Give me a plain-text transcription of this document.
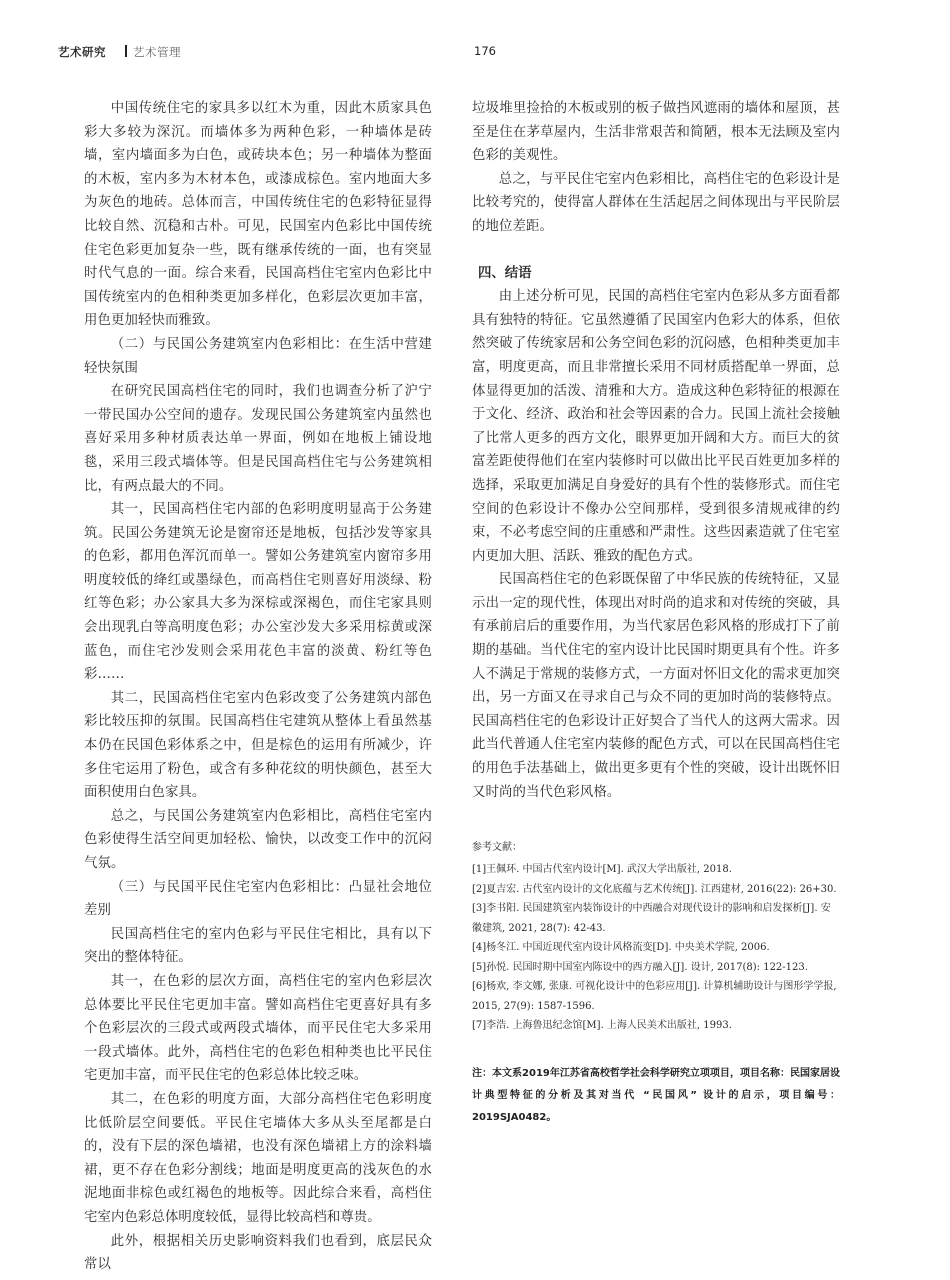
艺术研究 艺术管理	176

中国传统住宅的家具多以红木为重，因此木质家具色彩大多较为深沉。而墙体多为两种色彩，一种墙体是砖墙，室内墙面多为白色，或砖块本色；另一种墙体为整面的木板，室内多为木材本色，或漆成棕色。室内地面大多为灰色的地砖。总体而言，中国传统住宅的色彩特征显得比较自然、沉稳和古朴。可见，民国室内色彩比中国传统住宅色彩更加复杂一些，既有继承传统的一面，也有突显时代气息的一面。综合来看，民国高档住宅室内色彩比中国传统室内的色相种类更加多样化，色彩层次更加丰富，用色更加轻快而雅致。

（二）与民国公务建筑室内色彩相比：在生活中营建轻快氛围

在研究民国高档住宅的同时，我们也调查分析了沪宁一带民国办公空间的遗存。发现民国公务建筑室内虽然也喜好采用多种材质表达单一界面，例如在地板上铺设地毯，采用三段式墙体等。但是民国高档住宅与公务建筑相比，有两点最大的不同。

其一，民国高档住宅内部的色彩明度明显高于公务建筑。民国公务建筑无论是窗帘还是地板，包括沙发等家具的色彩，都用色浑沉而单一。譬如公务建筑室内窗帘多用明度较低的绛红或墨绿色，而高档住宅则喜好用淡绿、粉红等色彩；办公家具大多为深棕或深褐色，而住宅家具则会出现乳白等高明度色彩；办公室沙发大多采用棕黄或深蓝色，而住宅沙发则会采用花色丰富的淡黄、粉红等色彩……

其二，民国高档住宅室内色彩改变了公务建筑内部色彩比较压抑的氛围。民国高档住宅建筑从整体上看虽然基本仍在民国色彩体系之中，但是棕色的运用有所减少，许多住宅运用了粉色，或含有多种花纹的明快颜色，甚至大面积使用白色家具。

总之，与民国公务建筑室内色彩相比，高档住宅室内色彩使得生活空间更加轻松、愉快，以改变工作中的沉闷气氛。

（三）与民国平民住宅室内色彩相比：凸显社会地位差别

民国高档住宅的室内色彩与平民住宅相比，具有以下突出的整体特征。

其一，在色彩的层次方面，高档住宅的室内色彩层次总体要比平民住宅更加丰富。譬如高档住宅更喜好具有多个色彩层次的三段式或两段式墙体，而平民住宅大多采用一段式墙体。此外，高档住宅的色彩色相种类也比平民住宅更加丰富，而平民住宅的色彩总体比较乏味。

其二，在色彩的明度方面，大部分高档住宅色彩明度比低阶层空间要低。平民住宅墙体大多从头至尾都是白的，没有下层的深色墙裙，也没有深色墙裙上方的涂料墙裙，更不存在色彩分割线；地面是明度更高的浅灰色的水泥地面非棕色或红褐色的地板等。因此综合来看，高档住宅室内色彩总体明度较低，显得比较高档和尊贵。

此外，根据相关历史影响资料我们也看到，底层民众常以

垃圾堆里捡拾的木板或别的板子做挡风遮雨的墙体和屋顶，甚至是住在茅草屋内，生活非常艰苦和简陋，根本无法顾及室内色彩的美观性。

总之，与平民住宅室内色彩相比，高档住宅的色彩设计是比较考究的，使得富人群体在生活起居之间体现出与平民阶层的地位差距。

四、结语

由上述分析可见，民国的高档住宅室内色彩从多方面看都具有独特的特征。它虽然遵循了民国室内色彩大的体系，但依然突破了传统家居和公务空间色彩的沉闷感，色相种类更加丰富，明度更高，而且非常擅长采用不同材质搭配单一界面，总体显得更加的活泼、清雅和大方。造成这种色彩特征的根源在于文化、经济、政治和社会等因素的合力。民国上流社会接触了比常人更多的西方文化，眼界更加开阔和大方。而巨大的贫富差距使得他们在室内装修时可以做出比平民百姓更加多样的选择，采取更加满足自身爱好的具有个性的装修形式。而住宅空间的色彩设计不像办公空间那样，受到很多清规戒律的约束，不必考虑空间的庄重感和严肃性。这些因素造就了住宅室内更加大胆、活跃、雅致的配色方式。

民国高档住宅的色彩既保留了中华民族的传统特征，又显示出一定的现代性，体现出对时尚的追求和对传统的突破，具有承前启后的重要作用，为当代家居色彩风格的形成打下了前期的基础。当代住宅的室内设计比民国时期更具有个性。许多人不满足于常规的装修方式，一方面对怀旧文化的需求更加突出，另一方面又在寻求自己与众不同的更加时尚的装修特点。民国高档住宅的色彩设计正好契合了当代人的这两大需求。因此当代普通人住宅室内装修的配色方式，可以在民国高档住宅的用色手法基础上，做出更多更有个性的突破，设计出既怀旧又时尚的当代色彩风格。

参考文献：
[1]王佩环. 中国古代室内设计[M]. 武汉大学出版社, 2018.
[2]夏吉宏. 古代室内设计的文化底蕴与艺术传统[J]. 江西建材, 2016(22): 26+30.
[3]李书阳. 民国建筑室内装饰设计的中西融合对现代设计的影响和启发探析[J]. 安徽建筑, 2021, 28(7): 42-43.
[4]杨冬江. 中国近现代室内设计风格流变[D]. 中央美术学院, 2006.
[5]孙悦. 民国时期中国室内陈设中的西方融入[J]. 设计, 2017(8): 122-123.
[6]杨欢, 李文娜, 张康. 可视化设计中的色彩应用[J]. 计算机辅助设计与图形学学报, 2015, 27(9): 1587-1596.
[7]李浩. 上海鲁迅纪念馆[M]. 上海人民美术出版社, 1993.
注：本文系2019年江苏省高校哲学社会科学研究立项项目，项目名称：民国家居设计典型特征的分析及其对当代 “民国风” 设计的启示，项目编号：2019SJA0482。
